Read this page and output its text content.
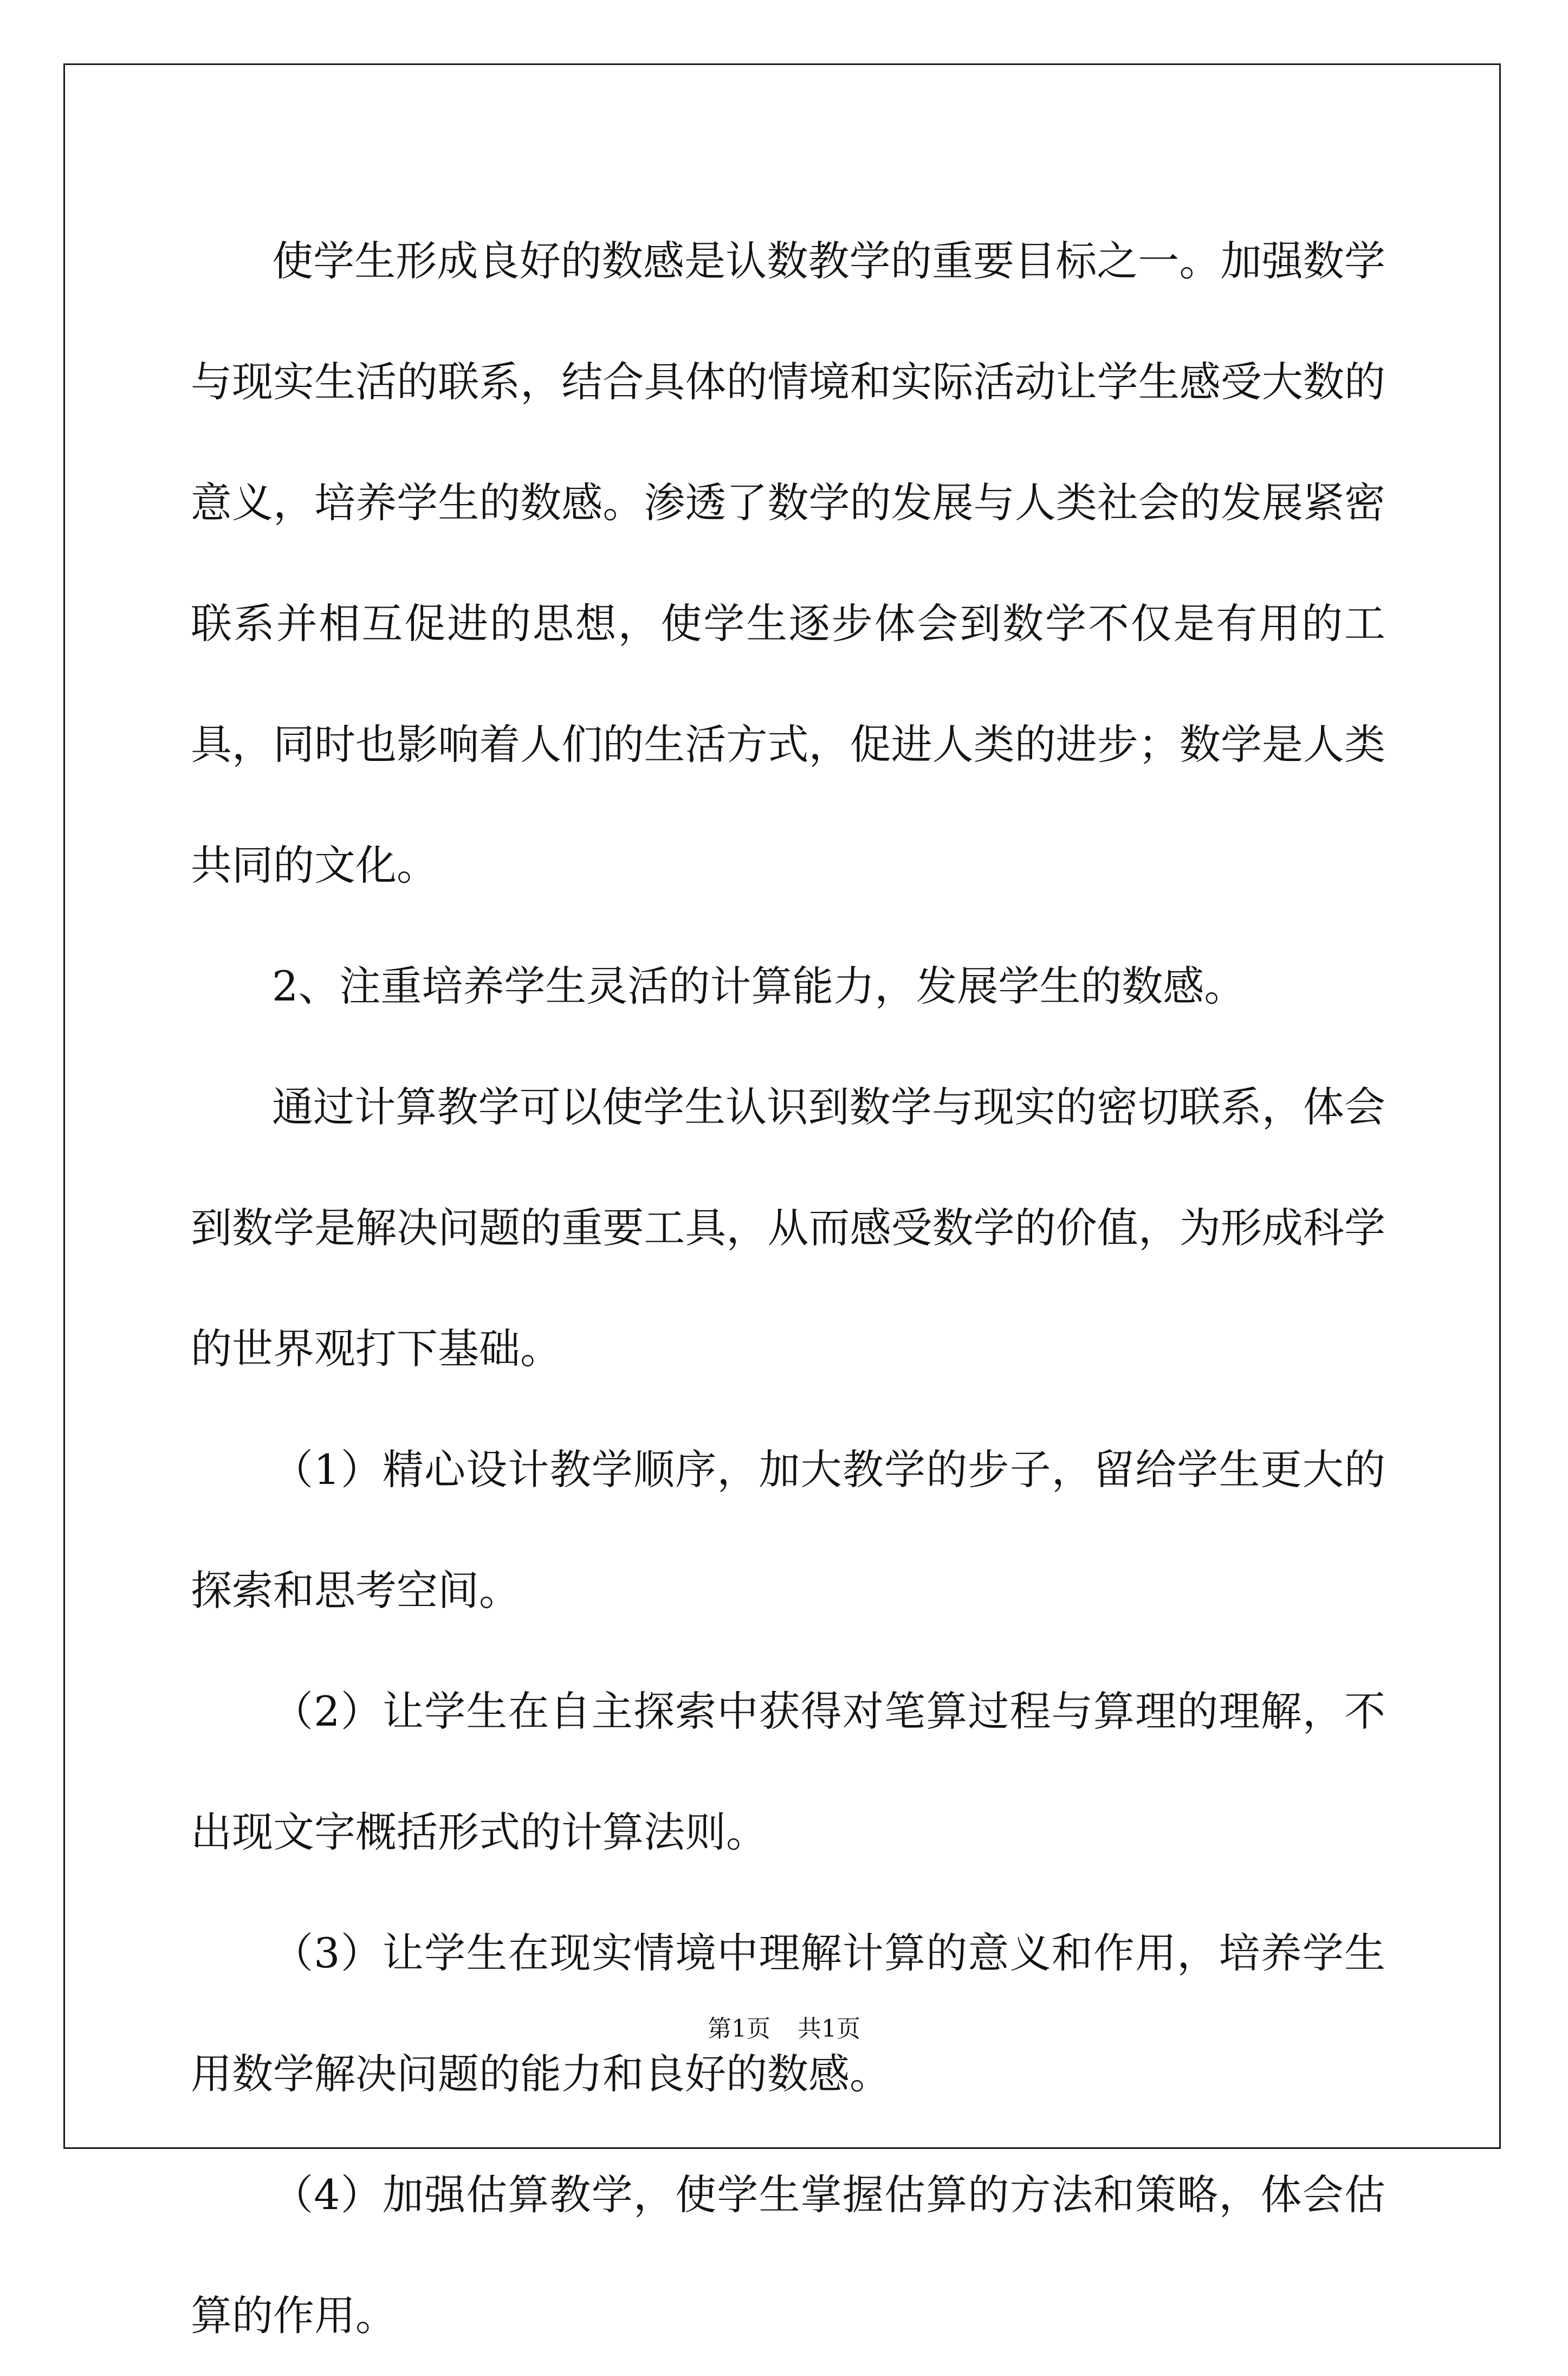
使学生形成良好的数感是认数教学的重要目标之一。加强数学与现实生活的联系，结合具体的情境和实际活动让学生感受大数的意义，培养学生的数感。渗透了数学的发展与人类社会的发展紧密联系并相互促进的思想，使学生逐步体会到数学不仅是有用的工具，同时也影响着人们的生活方式，促进人类的进步；数学是人类共同的文化。

2、注重培养学生灵活的计算能力，发展学生的数感。

通过计算教学可以使学生认识到数学与现实的密切联系，体会到数学是解决问题的重要工具，从而感受数学的价值，为形成科学的世界观打下基础。

（1）精心设计教学顺序，加大教学的步子，留给学生更大的探索和思考空间。

（2）让学生在自主探索中获得对笔算过程与算理的理解，不出现文字概括形式的计算法则。

（3）让学生在现实情境中理解计算的意义和作用，培养学生用数学解决问题的能力和良好的数感。

（4）加强估算教学，使学生掌握估算的方法和策略，体会估算的作用。

第1页 共1页
